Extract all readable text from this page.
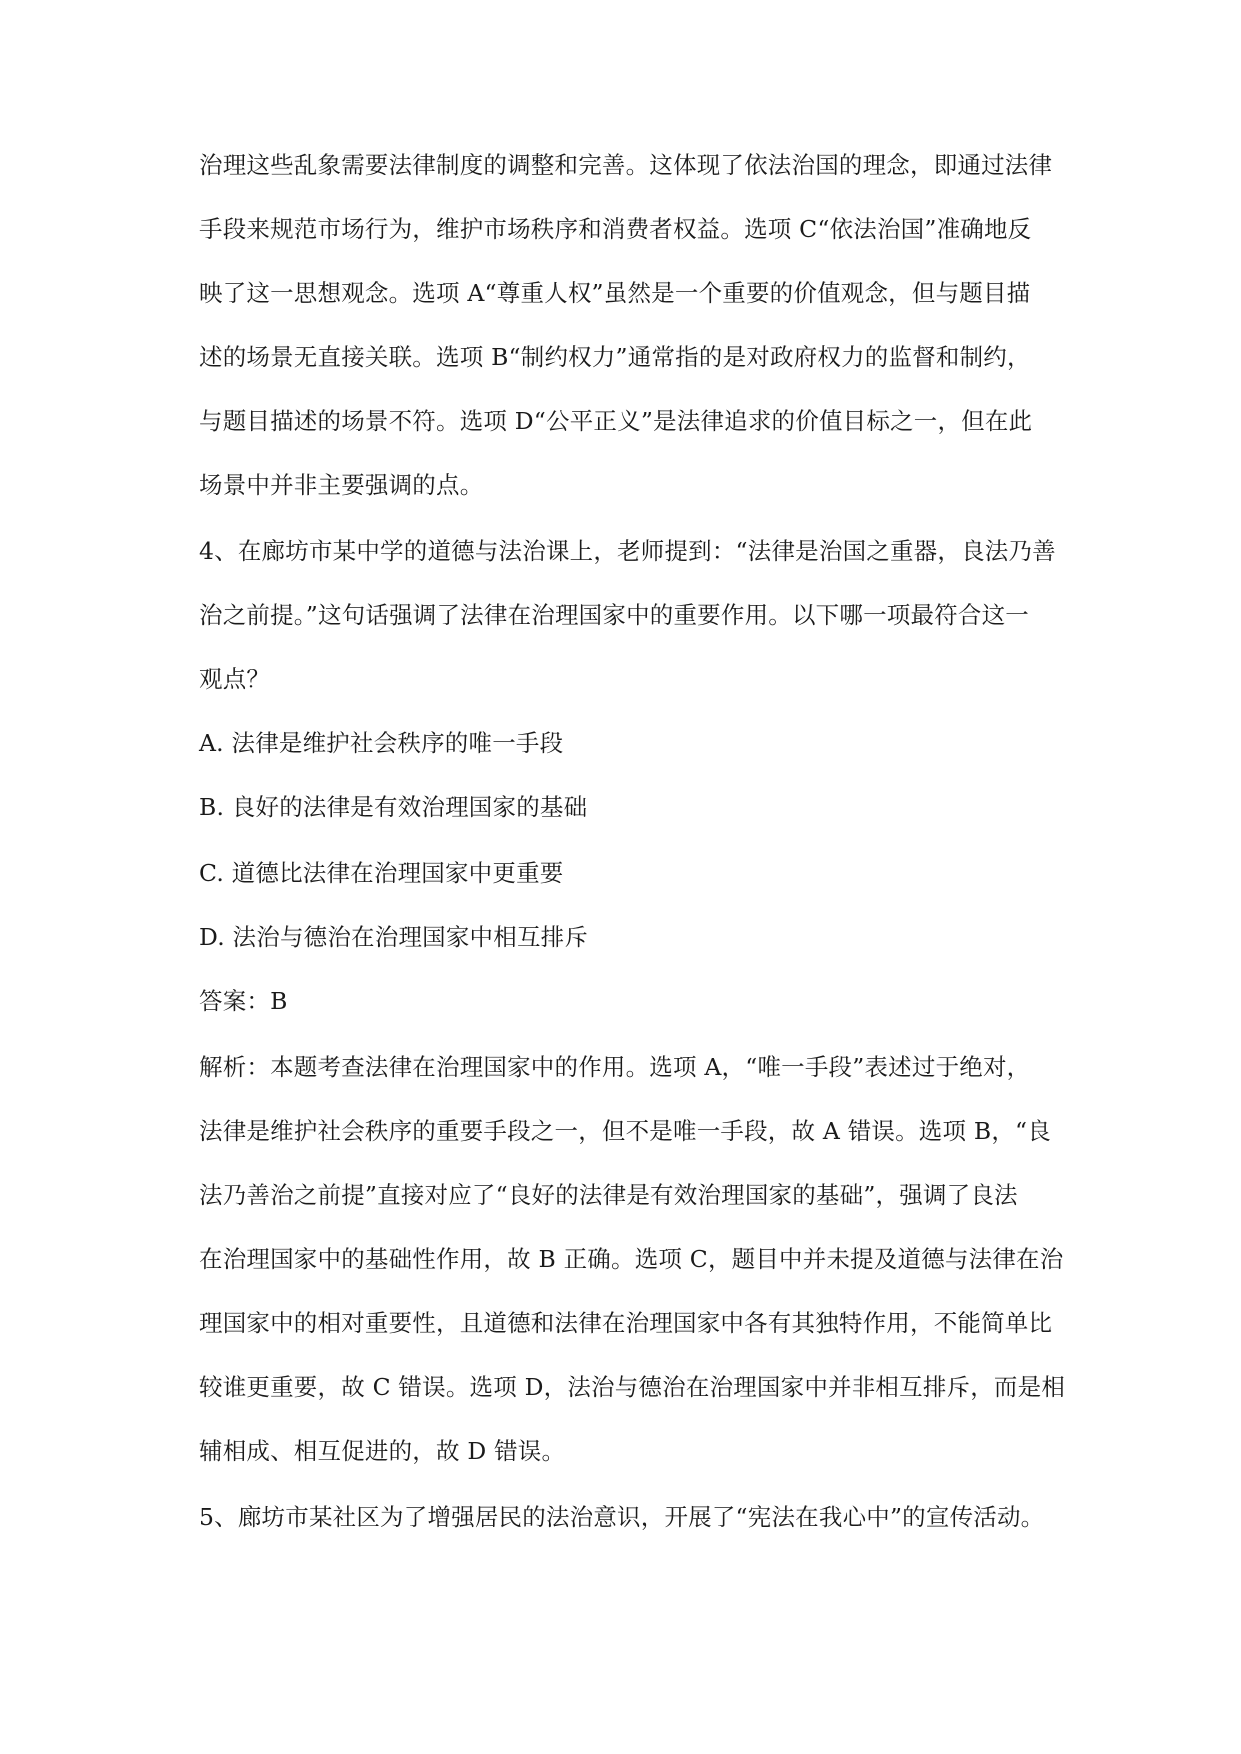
治理这些乱象需要法律制度的调整和完善。这体现了依法治国的理念，即通过法律
手段来规范市场行为，维护市场秩序和消费者权益。选项 C“依法治国”准确地反
映了这一思想观念。选项 A“尊重人权”虽然是一个重要的价值观念，但与题目描
述的场景无直接关联。选项 B“制约权力”通常指的是对政府权力的监督和制约，
与题目描述的场景不符。选项 D“公平正义”是法律追求的价值目标之一，但在此
场景中并非主要强调的点。
4、在廊坊市某中学的道德与法治课上，老师提到：“法律是治国之重器，良法乃善
治之前提。”这句话强调了法律在治理国家中的重要作用。以下哪一项最符合这一
观点？
A. 法律是维护社会秩序的唯一手段
B. 良好的法律是有效治理国家的基础
C. 道德比法律在治理国家中更重要
D. 法治与德治在治理国家中相互排斥
答案：B
解析：本题考查法律在治理国家中的作用。选项 A，“唯一手段”表述过于绝对，
法律是维护社会秩序的重要手段之一，但不是唯一手段，故 A 错误。选项 B，“良
法乃善治之前提”直接对应了“良好的法律是有效治理国家的基础”，强调了良法
在治理国家中的基础性作用，故 B 正确。选项 C，题目中并未提及道德与法律在治
理国家中的相对重要性，且道德和法律在治理国家中各有其独特作用，不能简单比
较谁更重要，故 C 错误。选项 D，法治与德治在治理国家中并非相互排斥，而是相
辅相成、相互促进的，故 D 错误。
5、廊坊市某社区为了增强居民的法治意识，开展了“宪法在我心中”的宣传活动。
